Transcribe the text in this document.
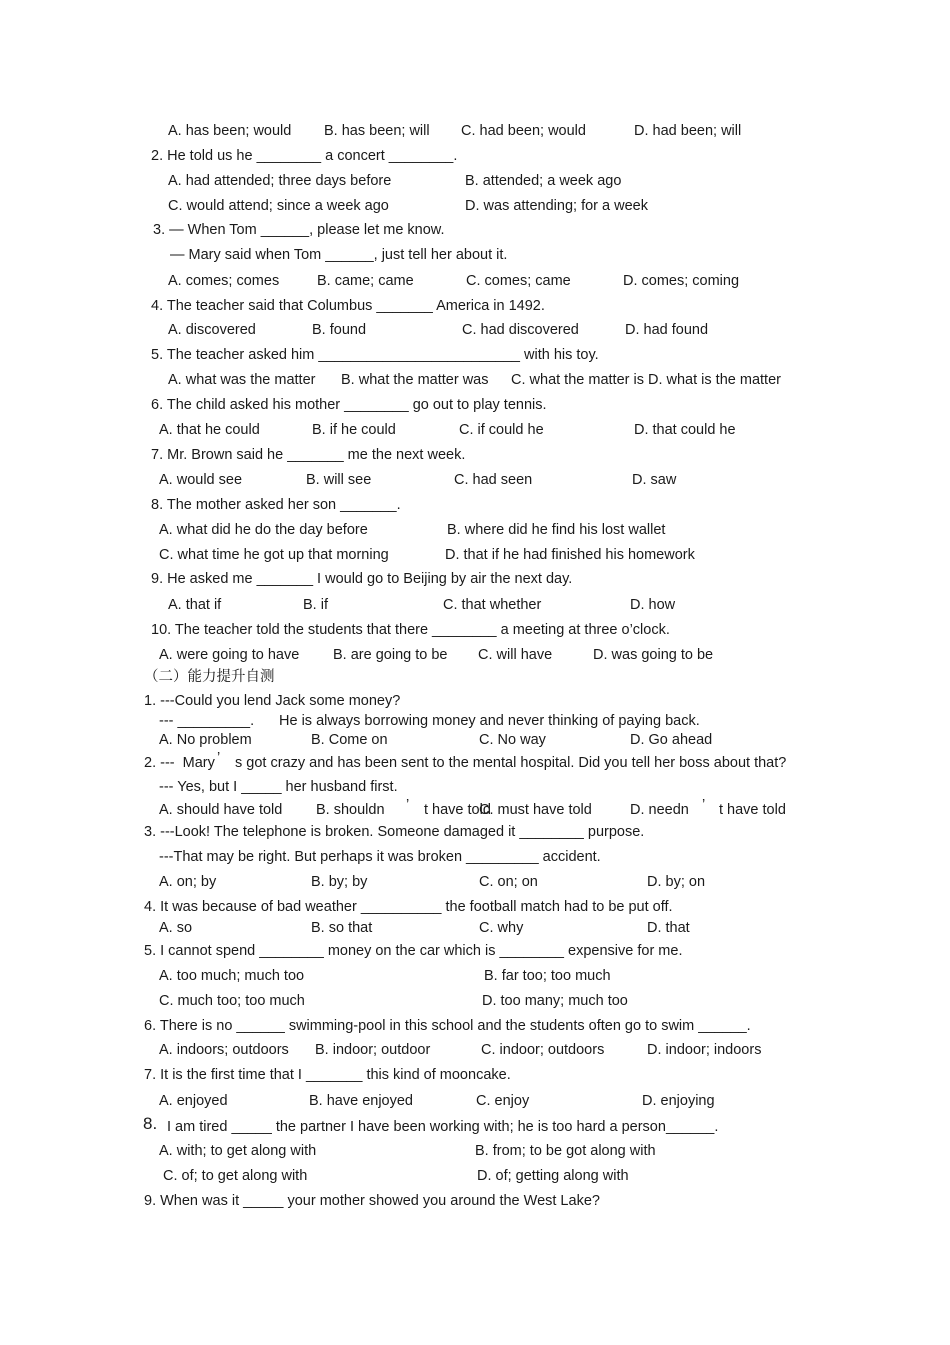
A. has been; would B. has been; will C. had been; would	D. had been; will
2. He told us he ________ a concert ________.
A. had attended; three days before	B. attended; a week ago
C. would attend; since a week ago	D. was attending; for a week
3. — When Tom ______, please let me know.
— Mary said when Tom ______, just tell her about it.
A. comes; comes	B. came; came	C. comes; came	D. comes; coming
4. The teacher said that Columbus _______ America in 1492.
A. discovered	B. found	C. had discovered	D. had found
5. The teacher asked him _________________________ with his toy.
A. what was the matter B. what the matter was C. what the matter is D. what is the matter
6. The child asked his mother ________ go out to play tennis.
A. that he could	B. if he could	C. if could he	D. that could he
7. Mr. Brown said he _______ me the next week.
A. would see	B. will see	C. had seen	D. saw
8. The mother asked her son _______.
A. what did he do the day before	B. where did he find his lost wallet
C. what time he got up that morning	D. that if he had finished his homework
9. He asked me _______ I would go to Beijing by air the next day.
A. that if	B. if	C. that whether	D. how
10. The teacher told the students that there ________ a meeting at three o’clock.
A. were going to have B. are going to be C. will have	D. was going to be
（二）能力提升自测
1. ---Could you lend Jack some money?
--- _________. He is always borrowing money and never thinking of paying back.
A. No problem	B. Come on	C. No way	D. Go ahead
2. ---  Mary ’ s got crazy and has been sent to the mental hospital. Did you tell her boss about that?
--- Yes, but I _____ her husband first.
A. should have told B. shouldn ’ t have told
C. must have told	D. needn ’ t have told
3. ---Look! The telephone is broken. Someone damaged it ________ purpose.
---That may be right. But perhaps it was broken _________ accident.
A. on; by	B. by; by	C. on; on	D. by; on
4. It was because of bad weather __________ the football match had to be put off.
A. so	B. so that	C. why	D. that
5. I cannot spend ________ money on the car which is ________ expensive for me.
A. too much; much too	B. far too; too much
C. much too; too much	D. too many; much too
6. There is no ______ swimming-pool in this school and the students often go to swim ______.
A. indoors; outdoors B. indoor; outdoor	C. indoor; outdoors	D. indoor; indoors
7. It is the first time that I _______ this kind of mooncake.
A. enjoyed	B. have enjoyed	C. enjoy	D. enjoying
8. I am tired _____ the partner I have been working with; he is too hard a person______.
A. with; to get along with	B. from; to be got along with
C. of; to get along with	D. of; getting along with
9. When was it _____ your mother showed you around the West Lake?
